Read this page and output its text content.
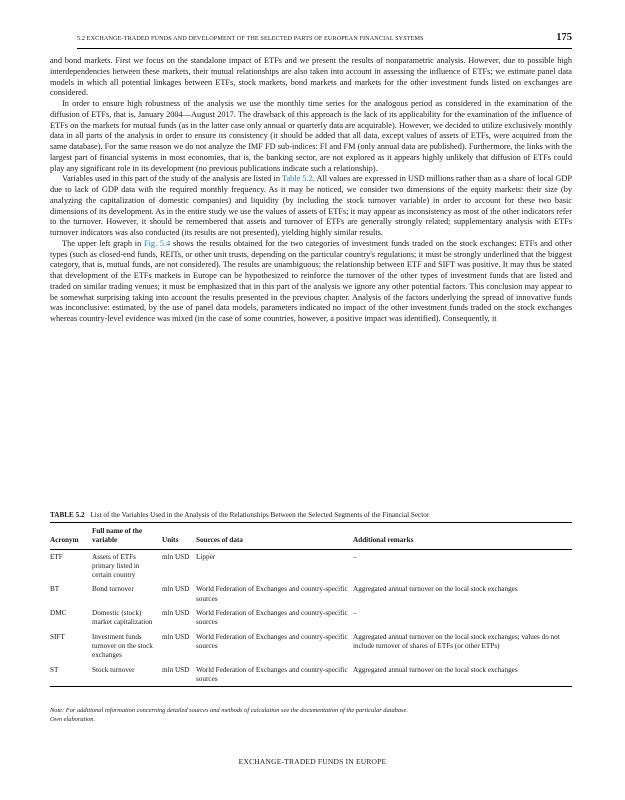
5.2 EXCHANGE-TRADED FUNDS AND DEVELOPMENT OF THE SELECTED PARTS OF EUROPEAN FINANCIAL SYSTEMS	175

and bond markets. First we focus on the standalone impact of ETFs and we present the results of nonparametric analysis. However, due to possible high interdependencies between these markets, their mutual relationships are also taken into account in assessing the influence of ETFs; we estimate panel data models in which all potential linkages between ETFs, stock markets, bond markets and markets for the other investment funds listed on exchanges are considered.

In order to ensure high robustness of the analysis we use the monthly time series for the analogous period as considered in the examination of the diffusion of ETFs, that is, January 2004—August 2017. The drawback of this approach is the lack of its applicability for the examination of the influence of ETFs on the markets for mutual funds (as in the latter case only annual or quarterly data are acquirable). However, we decided to utilize exclusively monthly data in all parts of the analysis in order to ensure its consistency (it should be added that all data, except values of assets of ETFs, were acquired from the same database). For the same reason we do not analyze the IMF FD sub-indices: FI and FM (only annual data are published). Furthermore, the links with the largest part of financial systems in most economies, that is, the banking sector, are not explored as it appears highly unlikely that diffusion of ETFs could play any significant role in its development (no previous publications indicate such a relationship).

Variables used in this part of the study of the analysis are listed in Table 5.2. All values are expressed in USD millions rather than as a share of local GDP due to lack of GDP data with the required monthly frequency. As it may be noticed, we consider two dimensions of the equity markets: their size (by analyzing the capitalization of domestic companies) and liquidity (by including the stock turnover variable) in order to account for these two basic dimensions of its development. As in the entire study we use the values of assets of ETFs; it may appear as inconsistency as most of the other indicators refer to the turnover. However, it should be remembered that assets and turnover of ETFs are generally strongly related; supplementary analysis with ETFs turnover indicators was also conducted (its results are not presented), yielding highly similar results.

The upper left graph in Fig. 5.4 shows the results obtained for the two categories of investment funds traded on the stock exchanges: ETFs and other types (such as closed-end funds, REITs, or other unit trusts, depending on the particular country's regulations; it must be strongly underlined that the biggest category, that is, mutual funds, are not considered). The results are unambiguous; the relationship between ETF and SIFT was positive. It may thus be stated that development of the ETFs markets in Europe can be hypothesized to reinforce the turnover of the other types of investment funds that are listed and traded on similar trading venues; it must be emphasized that in this part of the analysis we ignore any other potential factors. This conclusion may appear to be somewhat surprising taking into account the results presented in the previous chapter. Analysis of the factors underlying the spread of innovative funds was inconclusive: estimated, by the use of panel data models, parameters indicated no impact of the other investment funds traded on the stock exchanges whereas country-level evidence was mixed (in the case of some countries, however, a positive impact was identified). Consequently, it

TABLE 5.2 List of the Variables Used in the Analysis of the Relationships Between the Selected Segments of the Financial Sector
Acronym	Full name of the variable	Units	Sources of data	Additional remarks
ETF	Assets of ETFs primary listed in certain country	mln USD	Lipper	–
BT	Bond turnover	mln USD	World Federation of Exchanges and country-specific sources	Aggregated annual turnover on the local stock exchanges
DMC	Domestic (stock) market capitalization	mln USD	World Federation of Exchanges and country-specific sources	–
SIFT	Investment funds turnover on the stock exchanges	mln USD	World Federation of Exchanges and country-specific sources	Aggregated annual turnover on the local stock exchanges; values do not include turnover of shares of ETFs (or other ETPs)
ST	Stock turnover	mln USD	World Federation of Exchanges and country-specific sources	Aggregated annual turnover on the local stock exchanges
Note: For additional information concerning detailed sources and methods of calculation see the documentation of the particular database.
Own elaboration.
EXCHANGE-TRADED FUNDS IN EUROPE
